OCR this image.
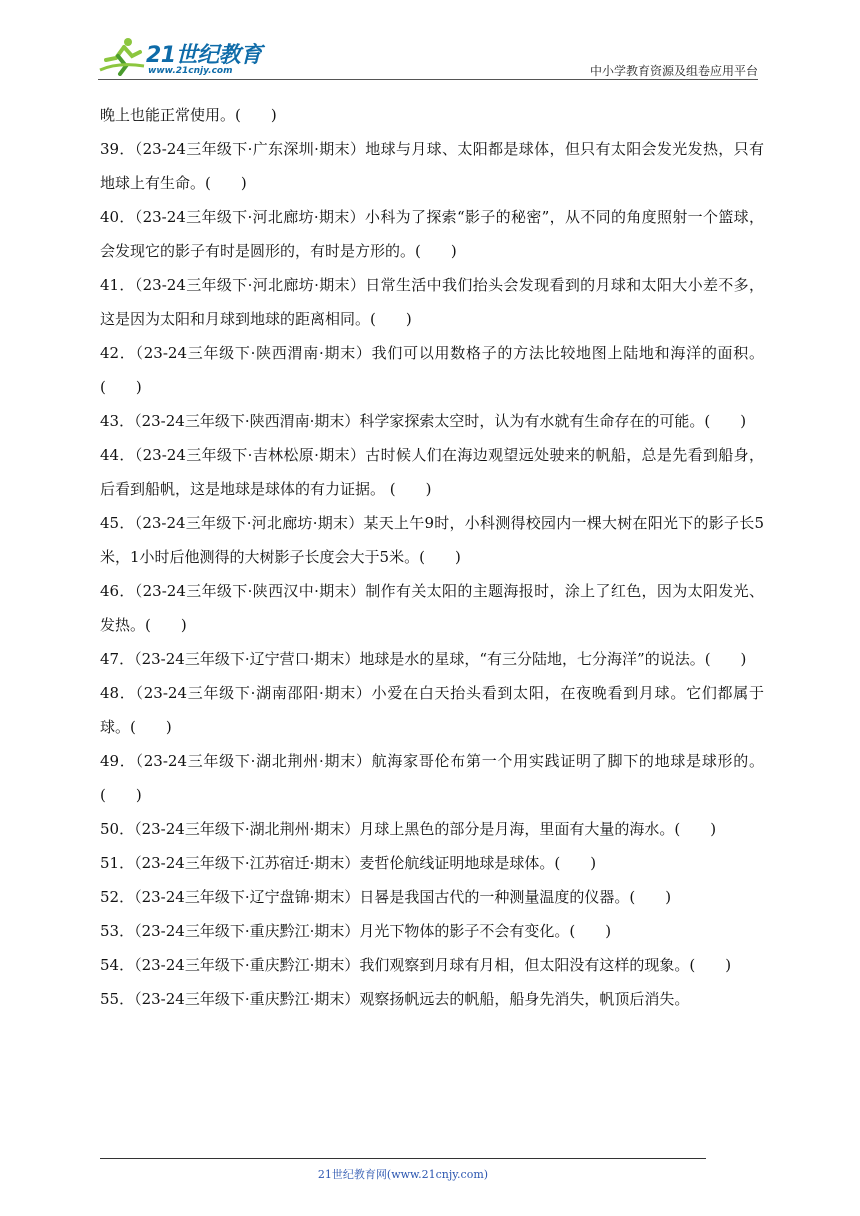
21世纪教育
www.21cnjy.com	中小学教育资源及组卷应用平台

晚上也能正常使用。(　　)

39．（23-24三年级下·广东深圳·期末）地球与月球、太阳都是球体，但只有太阳会发光发热，只有地球上有生命。(　　)

40．（23-24三年级下·河北廊坊·期末）小科为了探索“影子的秘密”，从不同的角度照射一个篮球，会发现它的影子有时是圆形的，有时是方形的。(　　)

41．（23-24三年级下·河北廊坊·期末）日常生活中我们抬头会发现看到的月球和太阳大小差不多，这是因为太阳和月球到地球的距离相同。(　　)

42．（23-24三年级下·陕西渭南·期末）我们可以用数格子的方法比较地图上陆地和海洋的面积。(　　)

43．（23-24三年级下·陕西渭南·期末）科学家探索太空时，认为有水就有生命存在的可能。(　　)

44．（23-24三年级下·吉林松原·期末）古时候人们在海边观望远处驶来的帆船，总是先看到船身，后看到船帆，这是地球是球体的有力证据。 (　　)

45．（23-24三年级下·河北廊坊·期末）某天上午9时，小科测得校园内一棵大树在阳光下的影子长5米，1小时后他测得的大树影子长度会大于5米。(　　)

46．（23-24三年级下·陕西汉中·期末）制作有关太阳的主题海报时，涂上了红色，因为太阳发光、发热。(　　)

47．（23-24三年级下·辽宁营口·期末）地球是水的星球，“有三分陆地，七分海洋”的说法。(　　)

48．（23-24三年级下·湖南邵阳·期末）小爱在白天抬头看到太阳，在夜晚看到月球。它们都属于球。(　　)

49．（23-24三年级下·湖北荆州·期末）航海家哥伦布第一个用实践证明了脚下的地球是球形的。(　　)

50．（23-24三年级下·湖北荆州·期末）月球上黑色的部分是月海，里面有大量的海水。(　　)

51．（23-24三年级下·江苏宿迁·期末）麦哲伦航线证明地球是球体。(　　)

52．（23-24三年级下·辽宁盘锦·期末）日晷是我国古代的一种测量温度的仪器。(　　)

53．（23-24三年级下·重庆黔江·期末）月光下物体的影子不会有变化。(　　)

54．（23-24三年级下·重庆黔江·期末）我们观察到月球有月相，但太阳没有这样的现象。(　　)

55．（23-24三年级下·重庆黔江·期末）观察扬帆远去的帆船，船身先消失，帆顶后消失。

21世纪教育网(www.21cnjy.com)
